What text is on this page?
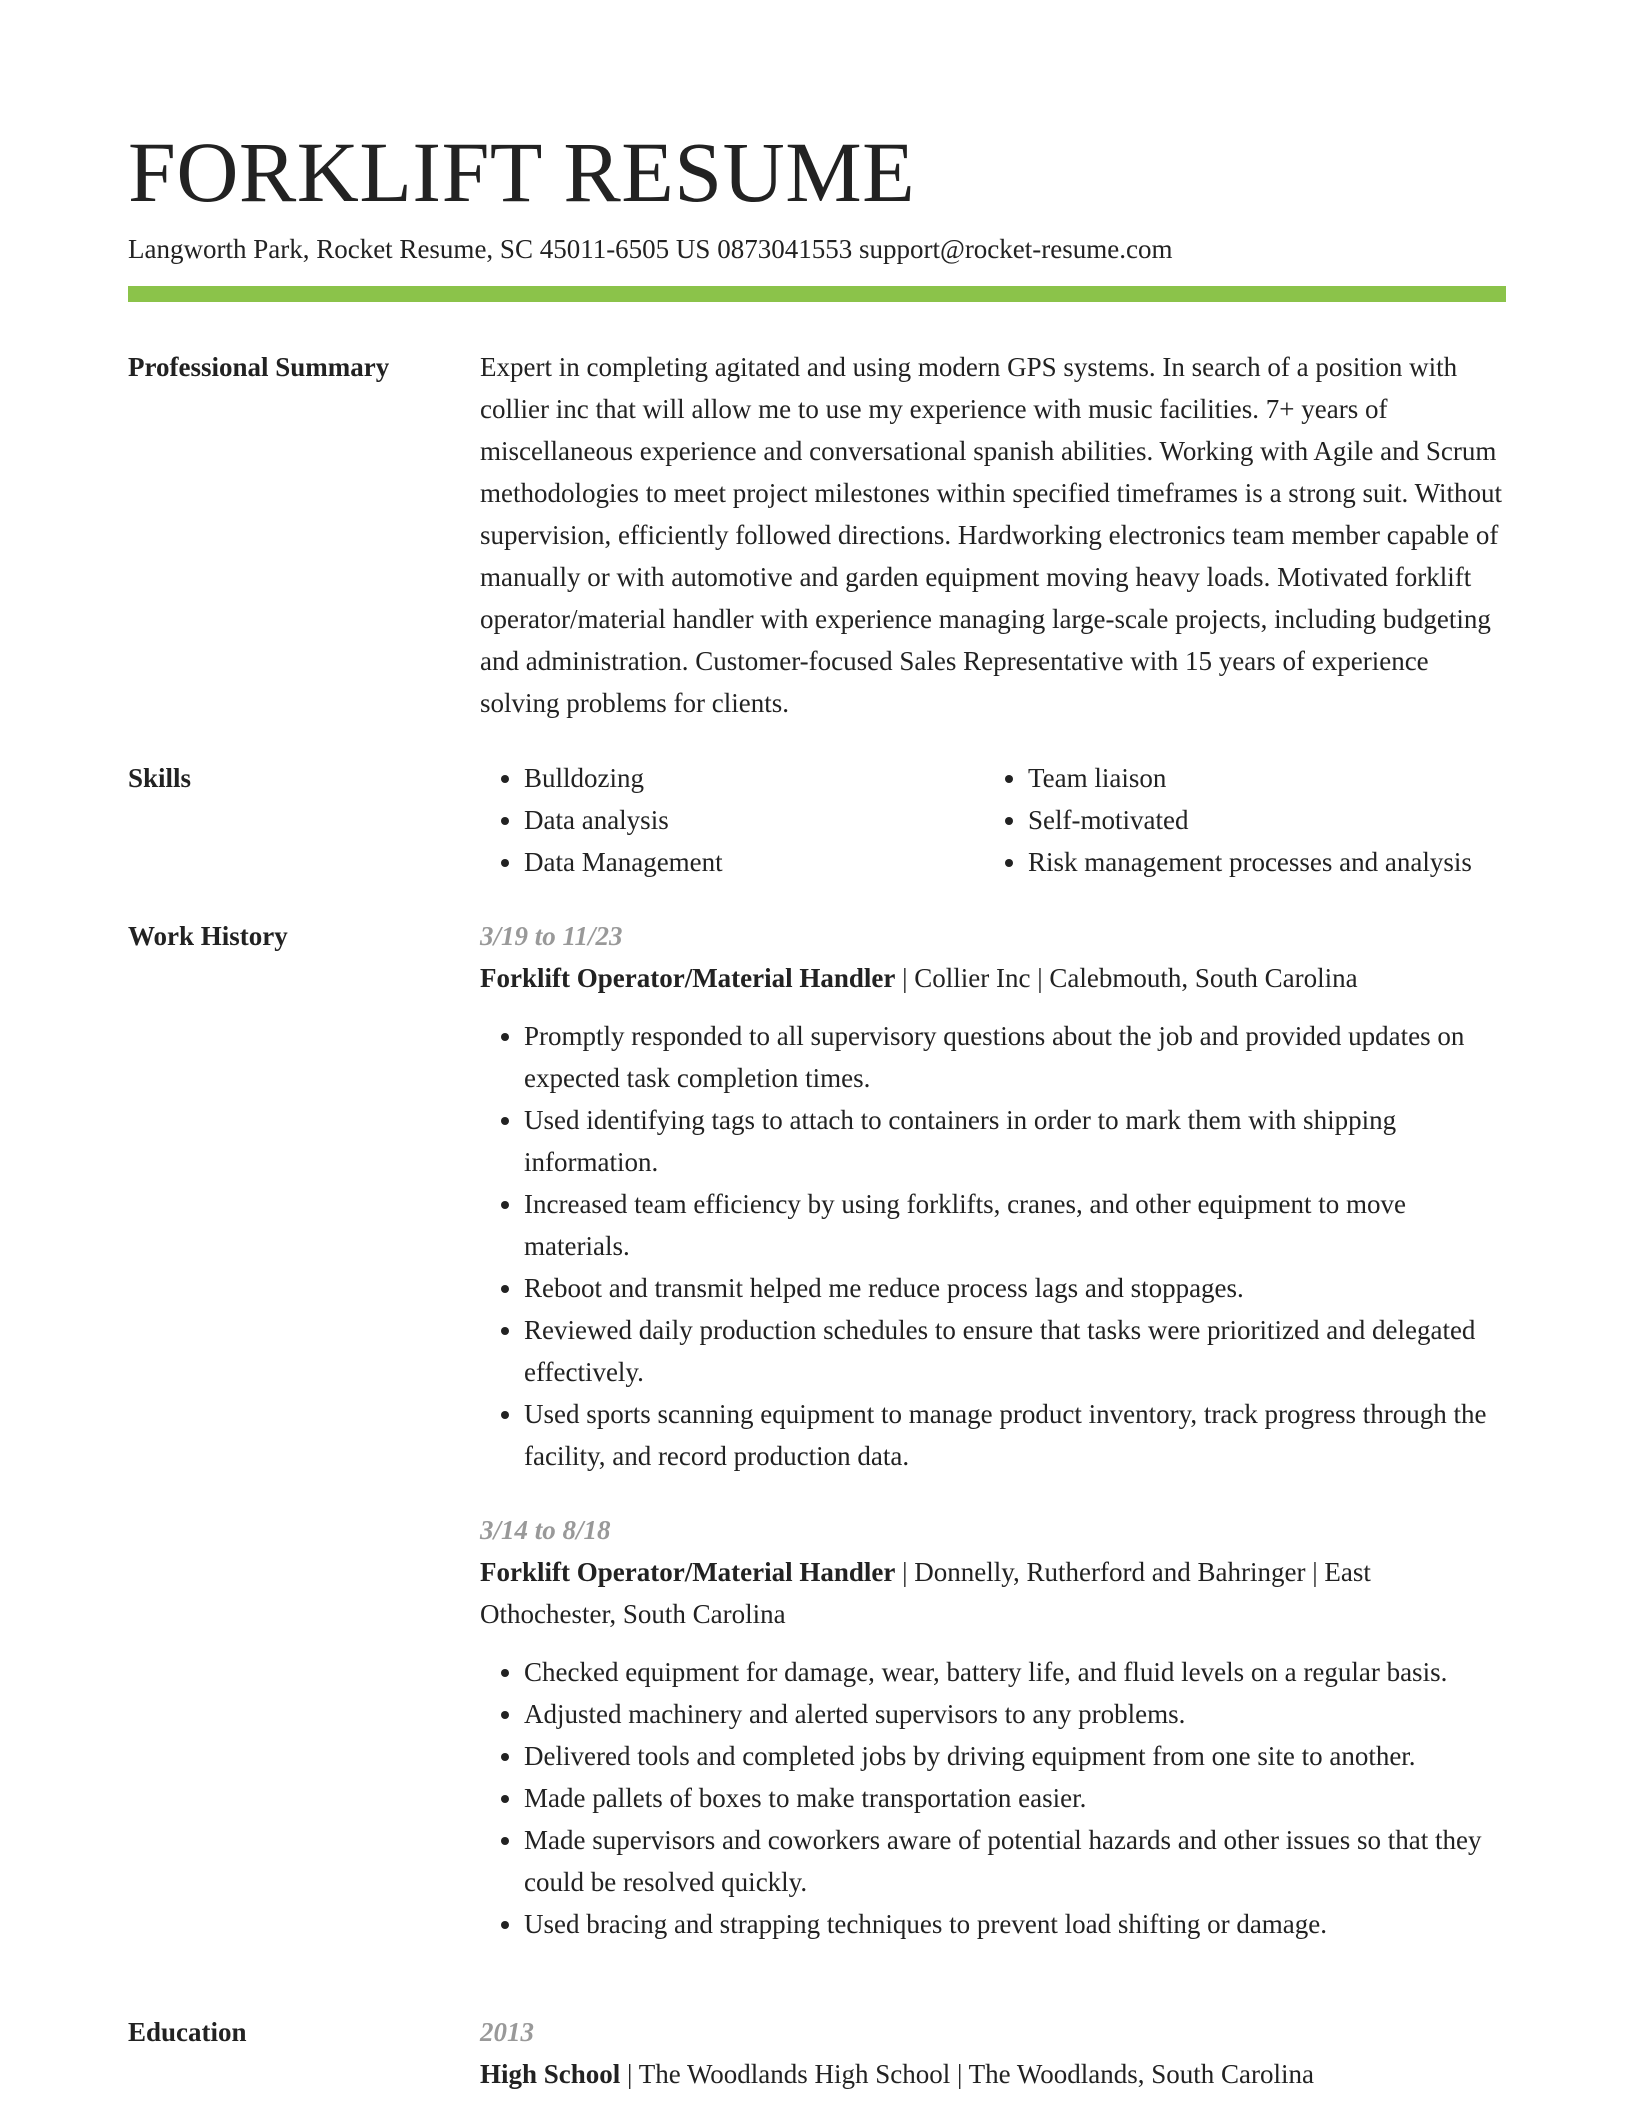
FORKLIFT RESUME
Langworth Park, Rocket Resume, SC 45011-6505 US 0873041553 support@rocket-resume.com
Professional Summary	Expert in completing agitated and using modern GPS systems. In search of a position with collier inc that will allow me to use my experience with music facilities. 7+ years of miscellaneous experience and conversational spanish abilities. Working with Agile and Scrum methodologies to meet project milestones within specified timeframes is a strong suit. Without supervision, efficiently followed directions. Hardworking electronics team member capable of manually or with automotive and garden equipment moving heavy loads. Motivated forklift operator/material handler with experience managing large-scale projects, including budgeting and administration. Customer-focused Sales Representative with 15 years of experience solving problems for clients.

Skills
•	Bulldozing
• Data analysis
• Data Management
• Team liaison
• Self-motivated
• Risk management processes and analysis
Work History	3/19 to 11/23
Forklift Operator/Material Handler | Collier Inc | Calebmouth, South Carolina
• Promptly responded to all supervisory questions about the job and provided updates on expected task completion times.
• Used identifying tags to attach to containers in order to mark them with shipping information.
• Increased team efficiency by using forklifts, cranes, and other equipment to move materials.
• Reboot and transmit helped me reduce process lags and stoppages.
• Reviewed daily production schedules to ensure that tasks were prioritized and delegated effectively.
• Used sports scanning equipment to manage product inventory, track progress through the facility, and record production data.
3/14 to 8/18
Forklift Operator/Material Handler | Donnelly, Rutherford and Bahringer | East Othochester, South Carolina
• Checked equipment for damage, wear, battery life, and fluid levels on a regular basis.
• Adjusted machinery and alerted supervisors to any problems.
• Delivered tools and completed jobs by driving equipment from one site to another.
• Made pallets of boxes to make transportation easier.
• Made supervisors and coworkers aware of potential hazards and other issues so that they could be resolved quickly.
• Used bracing and strapping techniques to prevent load shifting or damage.
Education	2013
High School | The Woodlands High School | The Woodlands, South Carolina
